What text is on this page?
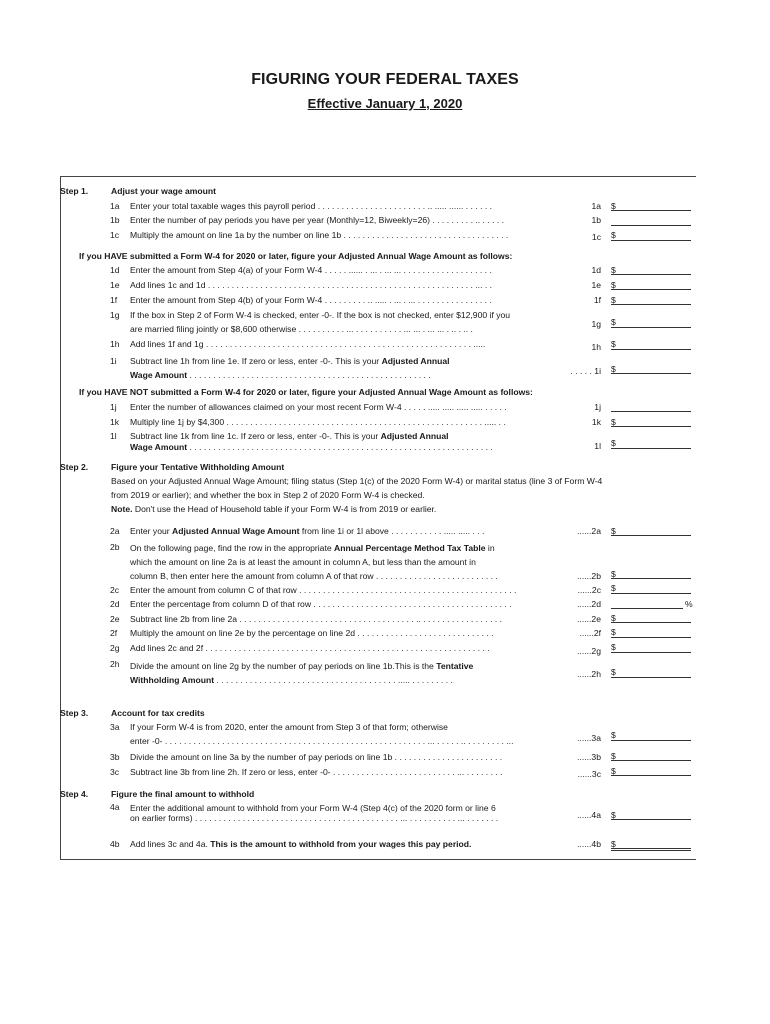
FIGURING YOUR FEDERAL TAXES
Effective January 1, 2020
Step 1.	Adjust your wage amount
1a Enter your total taxable wages this payroll period . . . . . . . . . . . . . . . . . . . . . . . .. ..... ...... . . . . . .	1a $
1b Enter the number of pay periods you have per year (Monthly=12, Biweekly=26) . . . . . . . . . .. . . . . .	1b
1c Multiply the amount on line 1a by the number on line 1b . . . . . . . . . . . . . . . . . . . . . . . . . . . . . . . . . . .	1c $
If you HAVE submitted a Form W-4 for 2020 or later, figure your Adjusted Annual Wage Amount as follows:
1d Enter the amount from Step 4(a) of your Form W-4 . . . . . ...... . ... . ... ... . . . . . . . . . . . . . . . . . . .	1d $
1e Add lines 1c and 1d . . . . . . . . . . . . . . . . . . . . . . . . . . . . . . . . . . . . . . . . . . . . . . . . . . . . . . . . ... . .	1e $
1f Enter the amount from Step 4(b) of your Form W-4 . . . . . . . . . .. ..... . ... . ... . . . . . . . . . . . . . . . .	1f $
1g If the box in Step 2 of Form W-4 is checked, enter -0-. If the box is not checked, enter $12,900 if you
are married filing jointly or $8,600 otherwise . . . . . . . . . . ... . . . . . . . . . . ... ... . ... ... . .. . .. .	1g $
1h Add lines 1f and 1g . . . . . . . . . . . . . . . . . . . . . . . . . . . . . . . . . . . . . . . . . . . . . . . . . . . . . . . . .....	1h $
1i Subtract line 1h from line 1e. If zero or less, enter -0-. This is your Adjusted Annual
Wage Amount . . . . . . . . . . . . . . . . . . . . . . . . . . . . . . . . . . . . . . . . . . . . . . . . . . .	. . . . . 1i $
If you HAVE NOT submitted a Form W-4 for 2020 or later, figure your Adjusted Annual Wage Amount as follows:
1j Enter the number of allowances claimed on your most recent Form W-4 . . . . . ..... ..... ..... ..... . . . . .	1j
1k Multiply line 1j by $4,300 . . . . . . . . . . . . . . . . . . . . . . . . . . . . . . . . . . . . . . . . . . . . . . . . . . . . . . ..... . .	1k $
1l Subtract line 1k from line 1c. If zero or less, enter -0-. This is your Adjusted Annual
Wage Amount . . . . . . . . . . . . . . . . . . . . . . . . . . . . . . . . . . . . . . . . . . . . . . . . . . . . . . . . . . . . . . . .	1l $
Step 2.	Figure your Tentative Withholding Amount
Based on your Adjusted Annual Wage Amount; filing status (Step 1(c) of the 2020 Form W-4) or marital status (line 3 of Form W-4
from 2019 or earlier); and whether the box in Step 2 of 2020 Form W-4 is checked.
Note. Don't use the Head of Household table if your Form W-4 is from 2019 or earlier.
2a Enter your Adjusted Annual Wage Amount from line 1i or 1l above . . . . . . . . . . . ..... ..... . . .	......2a $
2b On the following page, find the row in the appropriate Annual Percentage Method Tax Table in
which the amount on line 2a is at least the amount in column A, but less than the amount in
column B, then enter here the amount from column A of that row . . . . . . . . . . . . . . . . . . . . . . . . . .	......2b $
2c Enter the amount from column C of that row . . . . . . . . . . . . . . . . . . . . . . . . . . . . . . . . . . . . . . . . . . . . . .	......2c $
2d Enter the percentage from column D of that row . . . . . . . . . . . . . . . . . . . . . . . . . . . . . . . . . . . . . . . . . .	......2d	%
2e Subtract line 2b from line 2a . . . . . . . . . . . . . . . . . . . . . . . . . . . . . . . . . . . . . .. . . . . . . . . . . . . . . . . .	......2e $
2f Multiply the amount on line 2e by the percentage on line 2d . . . . . . . . . . . . . . . . . . . . . . . . . . . . .	......2f $
2g Add lines 2c and 2f . . . . . . . . . . . . . . . . . . . . . . . . . . . . . . . . . . . . . . . . . . . . . . . . . . . . . . . . . . . .	......2g $
2h Divide the amount on line 2g by the number of pay periods on line 1b.This is the Tentative
Withholding Amount . . . . . . . . . . . . . . . . . . . . . . . . . . . . . . . . . . . . . . ..... . . . . . . . . .
......2h $
Step 3.	Account for tax credits
3a If your Form W-4 is from 2020, enter the amount from Step 3 of that form; otherwise
enter -0- . . . . . . . . . . . . . . . . . . . . . . . . . . . . . . . . . . . . . . . . . . . . . . . . . . . . . . . ... . . . . . .. . . . . . . . . ...	......3a $
3b Divide the amount on line 3a by the number of pay periods on line 1b . . . . . . . . . . . . . . . . . . . . . . .	......3b $
3c Subtract line 3b from line 2h. If zero or less, enter -0- . . . . . . . . . . . . . . . . . . . . . . . . . . ... . . . . . . . .	......3c $
Step 4.	Figure the final amount to withhold
4a Enter the additional amount to withhold from your Form W-4 (Step 4(c) of the 2020 form or line 6
on earlier forms) . . . . . . . . . . . . . . . . . . . . . . . . . . . . . . . . . . . . . . . . . . . ... . . . . . . . . . . ... . . . . . . .	......4a $
4b Add lines 3c and 4a. This is the amount to withhold from your wages this pay period.	......4b $
